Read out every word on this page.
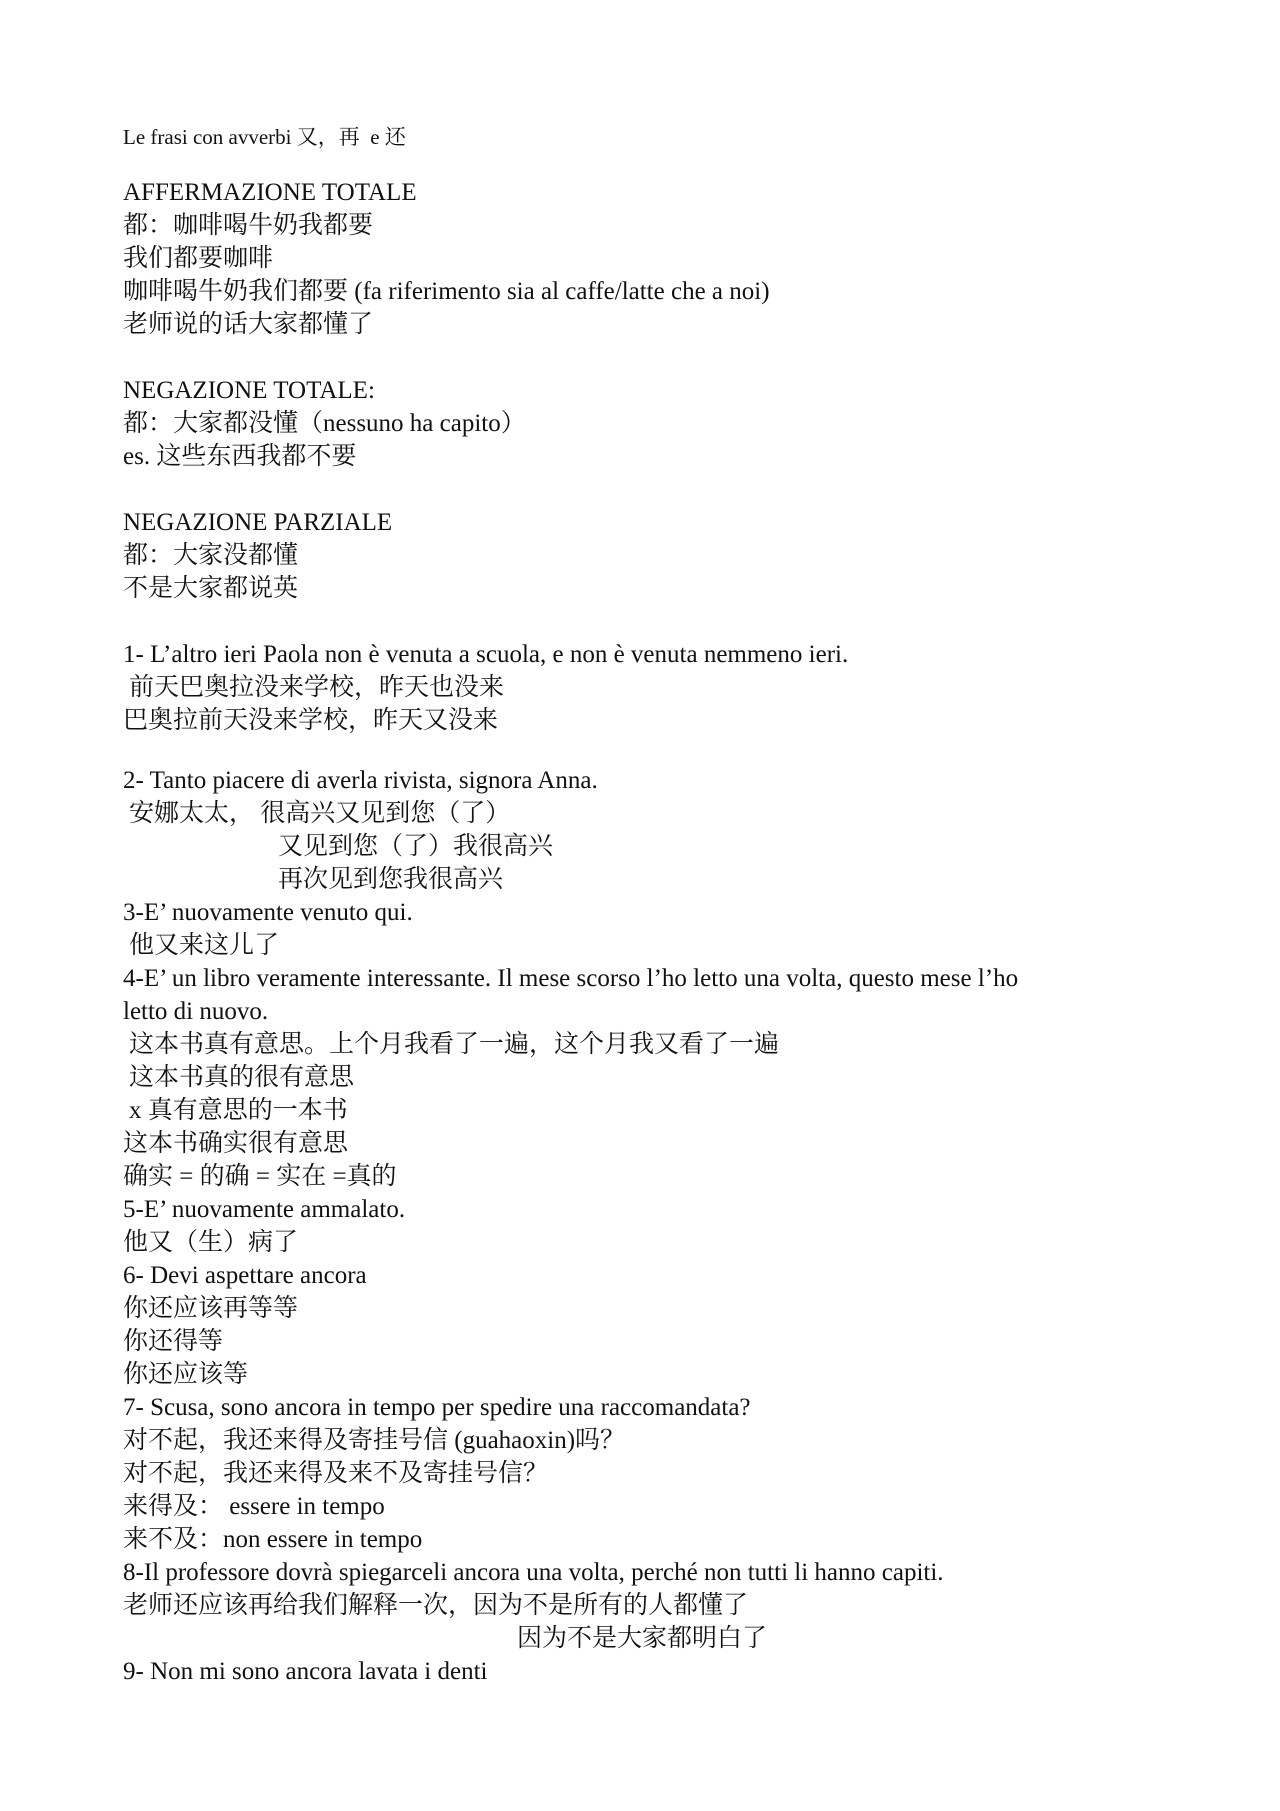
Le frasi con avverbi 又，再  e 还

AFFERMAZIONE TOTALE

都：咖啡喝牛奶我都要

我们都要咖啡

咖啡喝牛奶我们都要 (fa riferimento sia al caffe/latte che a noi)

老师说的话大家都懂了

NEGAZIONE TOTALE:

都：大家都没懂（nessuno ha capito）

es. 这些东西我都不要

NEGAZIONE PARZIALE

都：大家没都懂

不是大家都说英

1- L’altro ieri Paola non è venuta a scuola, e non è venuta nemmeno ieri.

前天巴奥拉没来学校，昨天也没来

巴奥拉前天没来学校，昨天又没来

2- Tanto piacere di averla rivista, signora Anna.

安娜太太， 很高兴又见到您（了）

又见到您（了）我很高兴

再次见到您我很高兴

3-E’ nuovamente venuto qui.

他又来这儿了

4-E’ un libro veramente interessante. Il mese scorso l’ho letto una volta, questo mese l’ho

letto di nuovo.

这本书真有意思。上个月我看了一遍，这个月我又看了一遍

这本书真的很有意思

x 真有意思的一本书

这本书确实很有意思

确实 = 的确 = 实在 =真的

5-E’ nuovamente ammalato.

他又（生）病了

6- Devi aspettare ancora

你还应该再等等

你还得等

你还应该等

7- Scusa, sono ancora in tempo per spedire una raccomandata?

对不起，我还来得及寄挂号信 (guahaoxin)吗？

对不起，我还来得及来不及寄挂号信？

来得及： essere in tempo

来不及：non essere in tempo

8-Il professore dovrà spiegarceli ancora una volta, perché non tutti li hanno capiti.

老师还应该再给我们解释一次，因为不是所有的人都懂了

因为不是大家都明白了

9- Non mi sono ancora lavata i denti
